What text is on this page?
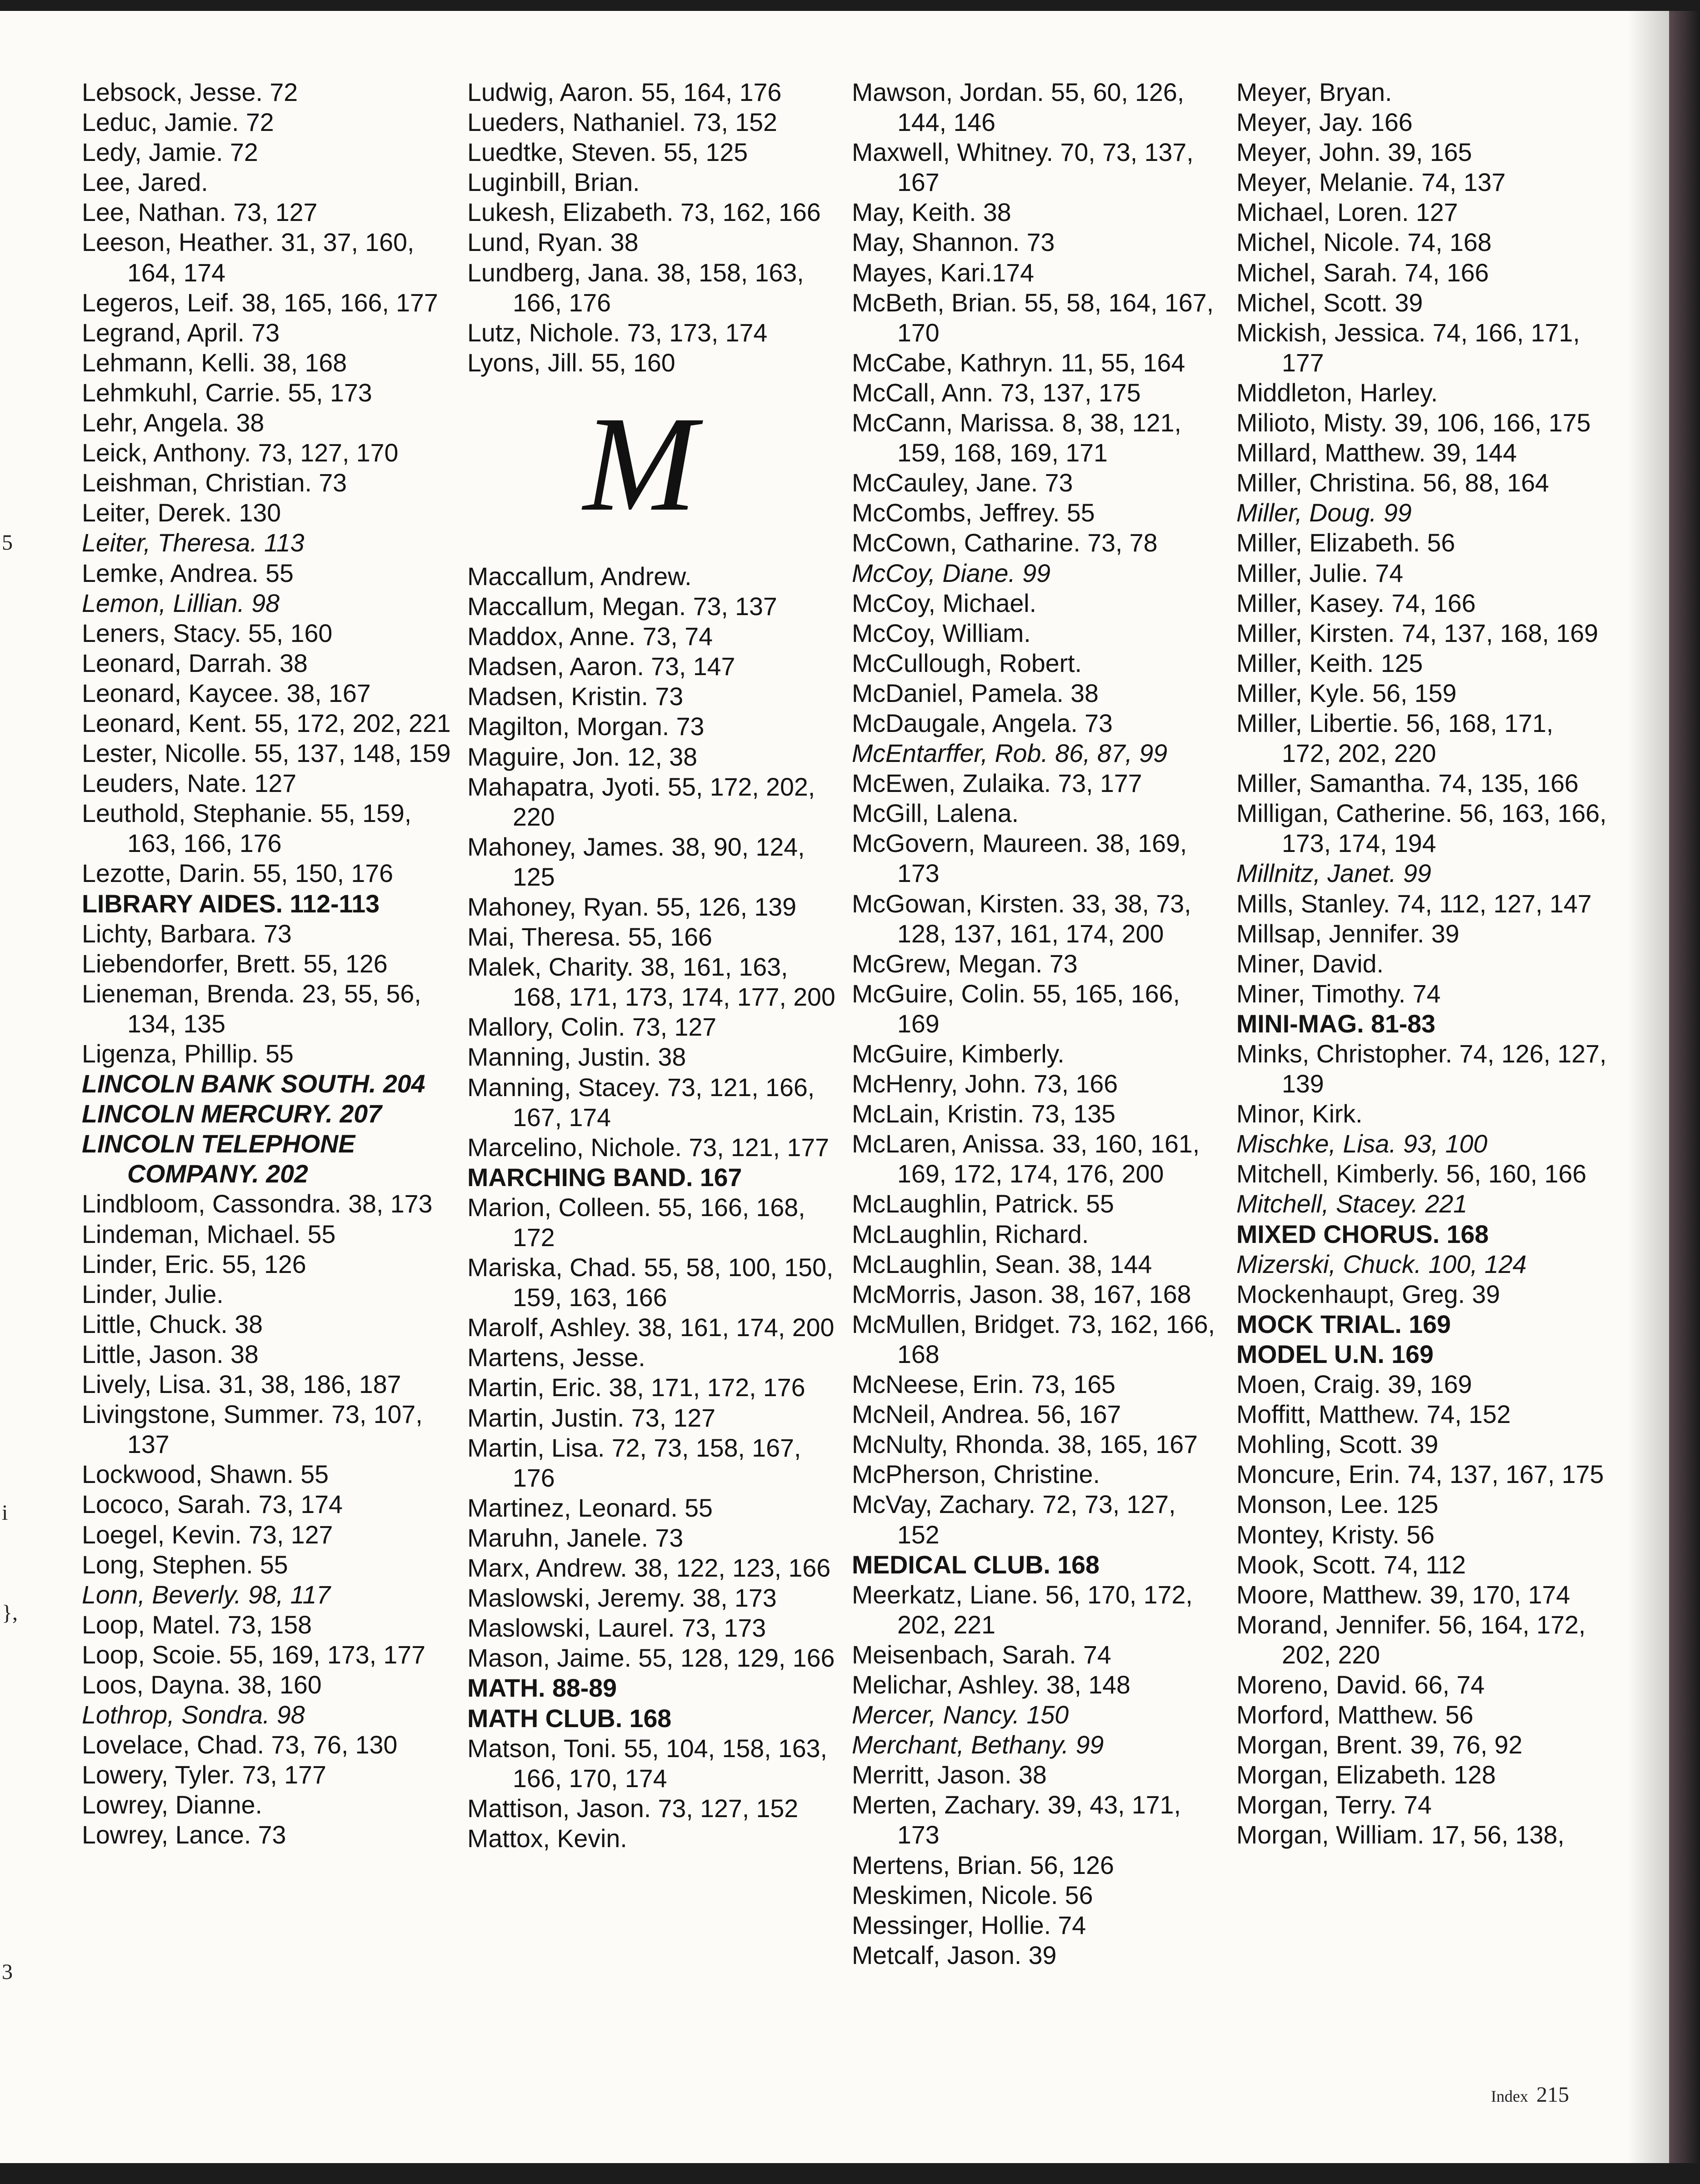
Lebsock, Jesse. 72
Leduc, Jamie. 72
Ledy, Jamie. 72
Lee, Jared.
Lee, Nathan. 73, 127
Leeson, Heather. 31, 37, 160, 164, 174
Legeros, Leif. 38, 165, 166, 177
Legrand, April. 73
Lehmann, Kelli. 38, 168
Lehmkuhl, Carrie. 55, 173
Lehr, Angela. 38
Leick, Anthony. 73, 127, 170
Leishman, Christian. 73
Leiter, Derek. 130
Leiter, Theresa. 113
Lemke, Andrea. 55
Lemon, Lillian. 98
Leners, Stacy. 55, 160
Leonard, Darrah. 38
Leonard, Kaycee. 38, 167
Leonard, Kent. 55, 172, 202, 221
Lester, Nicolle. 55, 137, 148, 159
Leuders, Nate. 127
Leuthold, Stephanie. 55, 159, 163, 166, 176
Lezotte, Darin. 55, 150, 176
LIBRARY AIDES. 112-113
Lichty, Barbara. 73
Liebendorfer, Brett. 55, 126
Lieneman, Brenda. 23, 55, 56, 134, 135
Ligenza, Phillip. 55
LINCOLN BANK SOUTH. 204
LINCOLN MERCURY. 207
LINCOLN TELEPHONE COMPANY. 202
Lindbloom, Cassondra. 38, 173
Lindeman, Michael. 55
Linder, Eric. 55, 126
Linder, Julie.
Little, Chuck. 38
Little, Jason. 38
Lively, Lisa. 31, 38, 186, 187
Livingstone, Summer. 73, 107, 137
Lockwood, Shawn. 55
Lococo, Sarah. 73, 174
Loegel, Kevin. 73, 127
Long, Stephen. 55
Lonn, Beverly. 98, 117
Loop, Matel. 73, 158
Loop, Scoie. 55, 169, 173, 177
Loos, Dayna. 38, 160
Lothrop, Sondra. 98
Lovelace, Chad. 73, 76, 130
Lowery, Tyler. 73, 177
Lowrey, Dianne.
Lowrey, Lance. 73
Ludwig, Aaron. 55, 164, 176
Lueders, Nathaniel. 73, 152
Luedtke, Steven. 55, 125
Luginbill, Brian.
Lukesh, Elizabeth. 73, 162, 166
Lund, Ryan. 38
Lundberg, Jana. 38, 158, 163, 166, 176
Lutz, Nichole. 73, 173, 174
Lyons, Jill. 55, 160
M
Maccallum, Andrew.
Maccallum, Megan. 73, 137
Maddox, Anne. 73, 74
Madsen, Aaron. 73, 147
Madsen, Kristin. 73
Magilton, Morgan. 73
Maguire, Jon. 12, 38
Mahapatra, Jyoti. 55, 172, 202, 220
Mahoney, James. 38, 90, 124, 125
Mahoney, Ryan. 55, 126, 139
Mai, Theresa. 55, 166
Malek, Charity. 38, 161, 163, 168, 171, 173, 174, 177, 200
Mallory, Colin. 73, 127
Manning, Justin. 38
Manning, Stacey. 73, 121, 166, 167, 174
Marcelino, Nichole. 73, 121, 177
MARCHING BAND. 167
Marion, Colleen. 55, 166, 168, 172
Mariska, Chad. 55, 58, 100, 150, 159, 163, 166
Marolf, Ashley. 38, 161, 174, 200
Martens, Jesse.
Martin, Eric. 38, 171, 172, 176
Martin, Justin. 73, 127
Martin, Lisa. 72, 73, 158, 167, 176
Martinez, Leonard. 55
Maruhn, Janele. 73
Marx, Andrew. 38, 122, 123, 166
Maslowski, Jeremy. 38, 173
Maslowski, Laurel. 73, 173
Mason, Jaime. 55, 128, 129, 166
MATH. 88-89
MATH CLUB. 168
Matson, Toni. 55, 104, 158, 163, 166, 170, 174
Mattison, Jason. 73, 127, 152
Mattox, Kevin.
Mawson, Jordan. 55, 60, 126, 144, 146
Maxwell, Whitney. 70, 73, 137, 167
May, Keith. 38
May, Shannon. 73
Mayes, Kari.174
McBeth, Brian. 55, 58, 164, 167, 170
McCabe, Kathryn. 11, 55, 164
McCall, Ann. 73, 137, 175
McCann, Marissa. 8, 38, 121, 159, 168, 169, 171
McCauley, Jane. 73
McCombs, Jeffrey. 55
McCown, Catharine. 73, 78
McCoy, Diane. 99
McCoy, Michael.
McCoy, William.
McCullough, Robert.
McDaniel, Pamela. 38
McDaugale, Angela. 73
McEntarffer, Rob. 86, 87, 99
McEwen, Zulaika. 73, 177
McGill, Lalena.
McGovern, Maureen. 38, 169, 173
McGowan, Kirsten. 33, 38, 73, 128, 137, 161, 174, 200
McGrew, Megan. 73
McGuire, Colin. 55, 165, 166, 169
McGuire, Kimberly.
McHenry, John. 73, 166
McLain, Kristin. 73, 135
McLaren, Anissa. 33, 160, 161, 169, 172, 174, 176, 200
McLaughlin, Patrick. 55
McLaughlin, Richard.
McLaughlin, Sean. 38, 144
McMorris, Jason. 38, 167, 168
McMullen, Bridget. 73, 162, 166, 168
McNeese, Erin. 73, 165
McNeil, Andrea. 56, 167
McNulty, Rhonda. 38, 165, 167
McPherson, Christine.
McVay, Zachary. 72, 73, 127, 152
MEDICAL CLUB. 168
Meerkatz, Liane. 56, 170, 172, 202, 221
Meisenbach, Sarah. 74
Melichar, Ashley. 38, 148
Mercer, Nancy. 150
Merchant, Bethany. 99
Merritt, Jason. 38
Merten, Zachary. 39, 43, 171, 173
Mertens, Brian. 56, 126
Meskimen, Nicole. 56
Messinger, Hollie. 74
Metcalf, Jason. 39
Meyer, Bryan.
Meyer, Jay. 166
Meyer, John. 39, 165
Meyer, Melanie. 74, 137
Michael, Loren. 127
Michel, Nicole. 74, 168
Michel, Sarah. 74, 166
Michel, Scott. 39
Mickish, Jessica. 74, 166, 171, 177
Middleton, Harley.
Milioto, Misty. 39, 106, 166, 175
Millard, Matthew. 39, 144
Miller, Christina. 56, 88, 164
Miller, Doug. 99
Miller, Elizabeth. 56
Miller, Julie. 74
Miller, Kasey. 74, 166
Miller, Kirsten. 74, 137, 168, 169
Miller, Keith. 125
Miller, Kyle. 56, 159
Miller, Libertie. 56, 168, 171, 172, 202, 220
Miller, Samantha. 74, 135, 166
Milligan, Catherine. 56, 163, 166, 173, 174, 194
Millnitz, Janet. 99
Mills, Stanley. 74, 112, 127, 147
Millsap, Jennifer. 39
Miner, David.
Miner, Timothy. 74
MINI-MAG. 81-83
Minks, Christopher. 74, 126, 127, 139
Minor, Kirk.
Mischke, Lisa. 93, 100
Mitchell, Kimberly. 56, 160, 166
Mitchell, Stacey. 221
MIXED CHORUS. 168
Mizerski, Chuck. 100, 124
Mockenhaupt, Greg. 39
MOCK TRIAL. 169
MODEL U.N. 169
Moen, Craig. 39, 169
Moffitt, Matthew. 74, 152
Mohling, Scott. 39
Moncure, Erin. 74, 137, 167, 175
Monson, Lee. 125
Montey, Kristy. 56
Mook, Scott. 74, 112
Moore, Matthew. 39, 170, 174
Morand, Jennifer. 56, 164, 172, 202, 220
Moreno, David. 66, 74
Morford, Matthew. 56
Morgan, Brent. 39, 76, 92
Morgan, Elizabeth. 128
Morgan, Terry. 74
Morgan, William. 17, 56, 138,
5
i
},
3
Index 215
